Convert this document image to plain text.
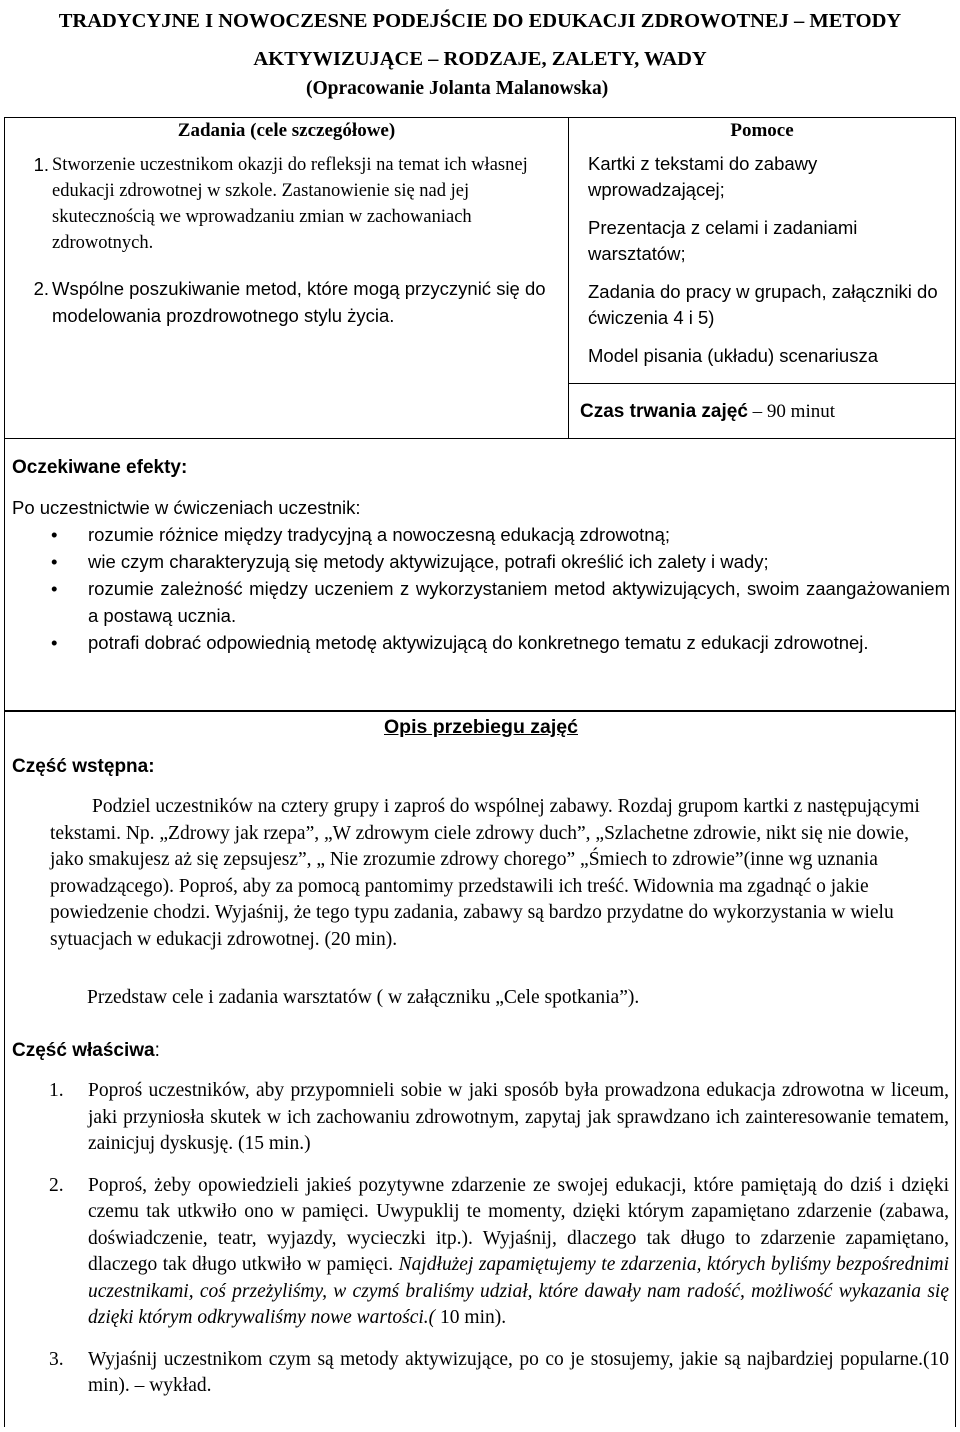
TRADYCYJNE I NOWOCZESNE PODEJŚCIE DO EDUKACJI ZDROWOTNEJ – METODY
AKTYWIZUJĄCE – RODZAJE, ZALETY, WADY
(Opracowanie Jolanta Malanowska)
Zadania (cele szczegółowe)	Pomoce
1. Stworzenie uczestnikom okazji do refleksji na temat ich własnej edukacji zdrowotnej w szkole. Zastanowienie się nad jej skutecznością we wprowadzaniu zmian w zachowaniach zdrowotnych.
2. Wspólne poszukiwanie metod, które mogą przyczynić się do modelowania prozdrowotnego stylu życia.

Kartki z tekstami do zabawy wprowadzającej;

Prezentacja z celami i zadaniami warsztatów;

Zadania do pracy w grupach, załączniki do ćwiczenia 4 i 5)

Model pisania (układu) scenariusza

Czas trwania zajęć – 90 minut
Oczekiwane efekty:
Po uczestnictwie w ćwiczeniach uczestnik:
• rozumie różnice między tradycyjną a nowoczesną edukacją zdrowotną;
• wie czym charakteryzują się metody aktywizujące, potrafi określić ich zalety i wady;
• rozumie zależność między uczeniem z wykorzystaniem metod aktywizujących, swoim zaangażowaniem a postawą ucznia.
• potrafi dobrać odpowiednią metodę aktywizującą do konkretnego tematu z edukacji zdrowotnej.
Opis przebiegu zajęć
Część wstępna:

Podziel uczestników na cztery grupy i zaproś do wspólnej zabawy. Rozdaj grupom kartki z następującymi tekstami. Np. „Zdrowy jak rzepa”, „W zdrowym ciele zdrowy duch”, „Szlachetne zdrowie, nikt się nie dowie, jako smakujesz aż się zepsujesz”, „ Nie zrozumie zdrowy chorego” „Śmiech to zdrowie”(inne wg uznania prowadzącego). Poproś, aby za pomocą pantomimy przedstawili ich treść. Widownia ma zgadnąć o jakie powiedzenie chodzi. Wyjaśnij, że tego typu zadania, zabawy są bardzo przydatne do wykorzystania w wielu sytuacjach w edukacji zdrowotnej. (20 min).

Przedstaw cele i zadania warsztatów ( w załączniku „Cele spotkania”).
Część właściwa:
1. Poproś uczestników, aby przypomnieli sobie w jaki sposób była prowadzona edukacja zdrowotna w liceum, jaki przyniosła skutek w ich zachowaniu zdrowotnym, zapytaj jak sprawdzano ich zainteresowanie tematem, zainicjuj dyskusję. (15 min.)
2. Poproś, żeby opowiedzieli jakieś pozytywne zdarzenie ze swojej edukacji, które pamiętają do dziś i dzięki czemu tak utkwiło ono w pamięci. Uwypuklij te momenty, dzięki którym zapamiętano zdarzenie (zabawa, doświadczenie, teatr, wyjazdy, wycieczki itp.). Wyjaśnij, dlaczego tak długo to zdarzenie zapamiętano, dlaczego tak długo utkwiło w pamięci. Najdłużej zapamiętujemy te zdarzenia, których byliśmy bezpośrednimi uczestnikami, coś przeżyliśmy, w czymś braliśmy udział, które dawały nam radość, możliwość wykazania się dzięki którym odkrywaliśmy nowe wartości.( 10 min).
3. Wyjaśnij uczestnikom czym są metody aktywizujące, po co je stosujemy, jakie są najbardziej popularne.(10 min). – wykład.
